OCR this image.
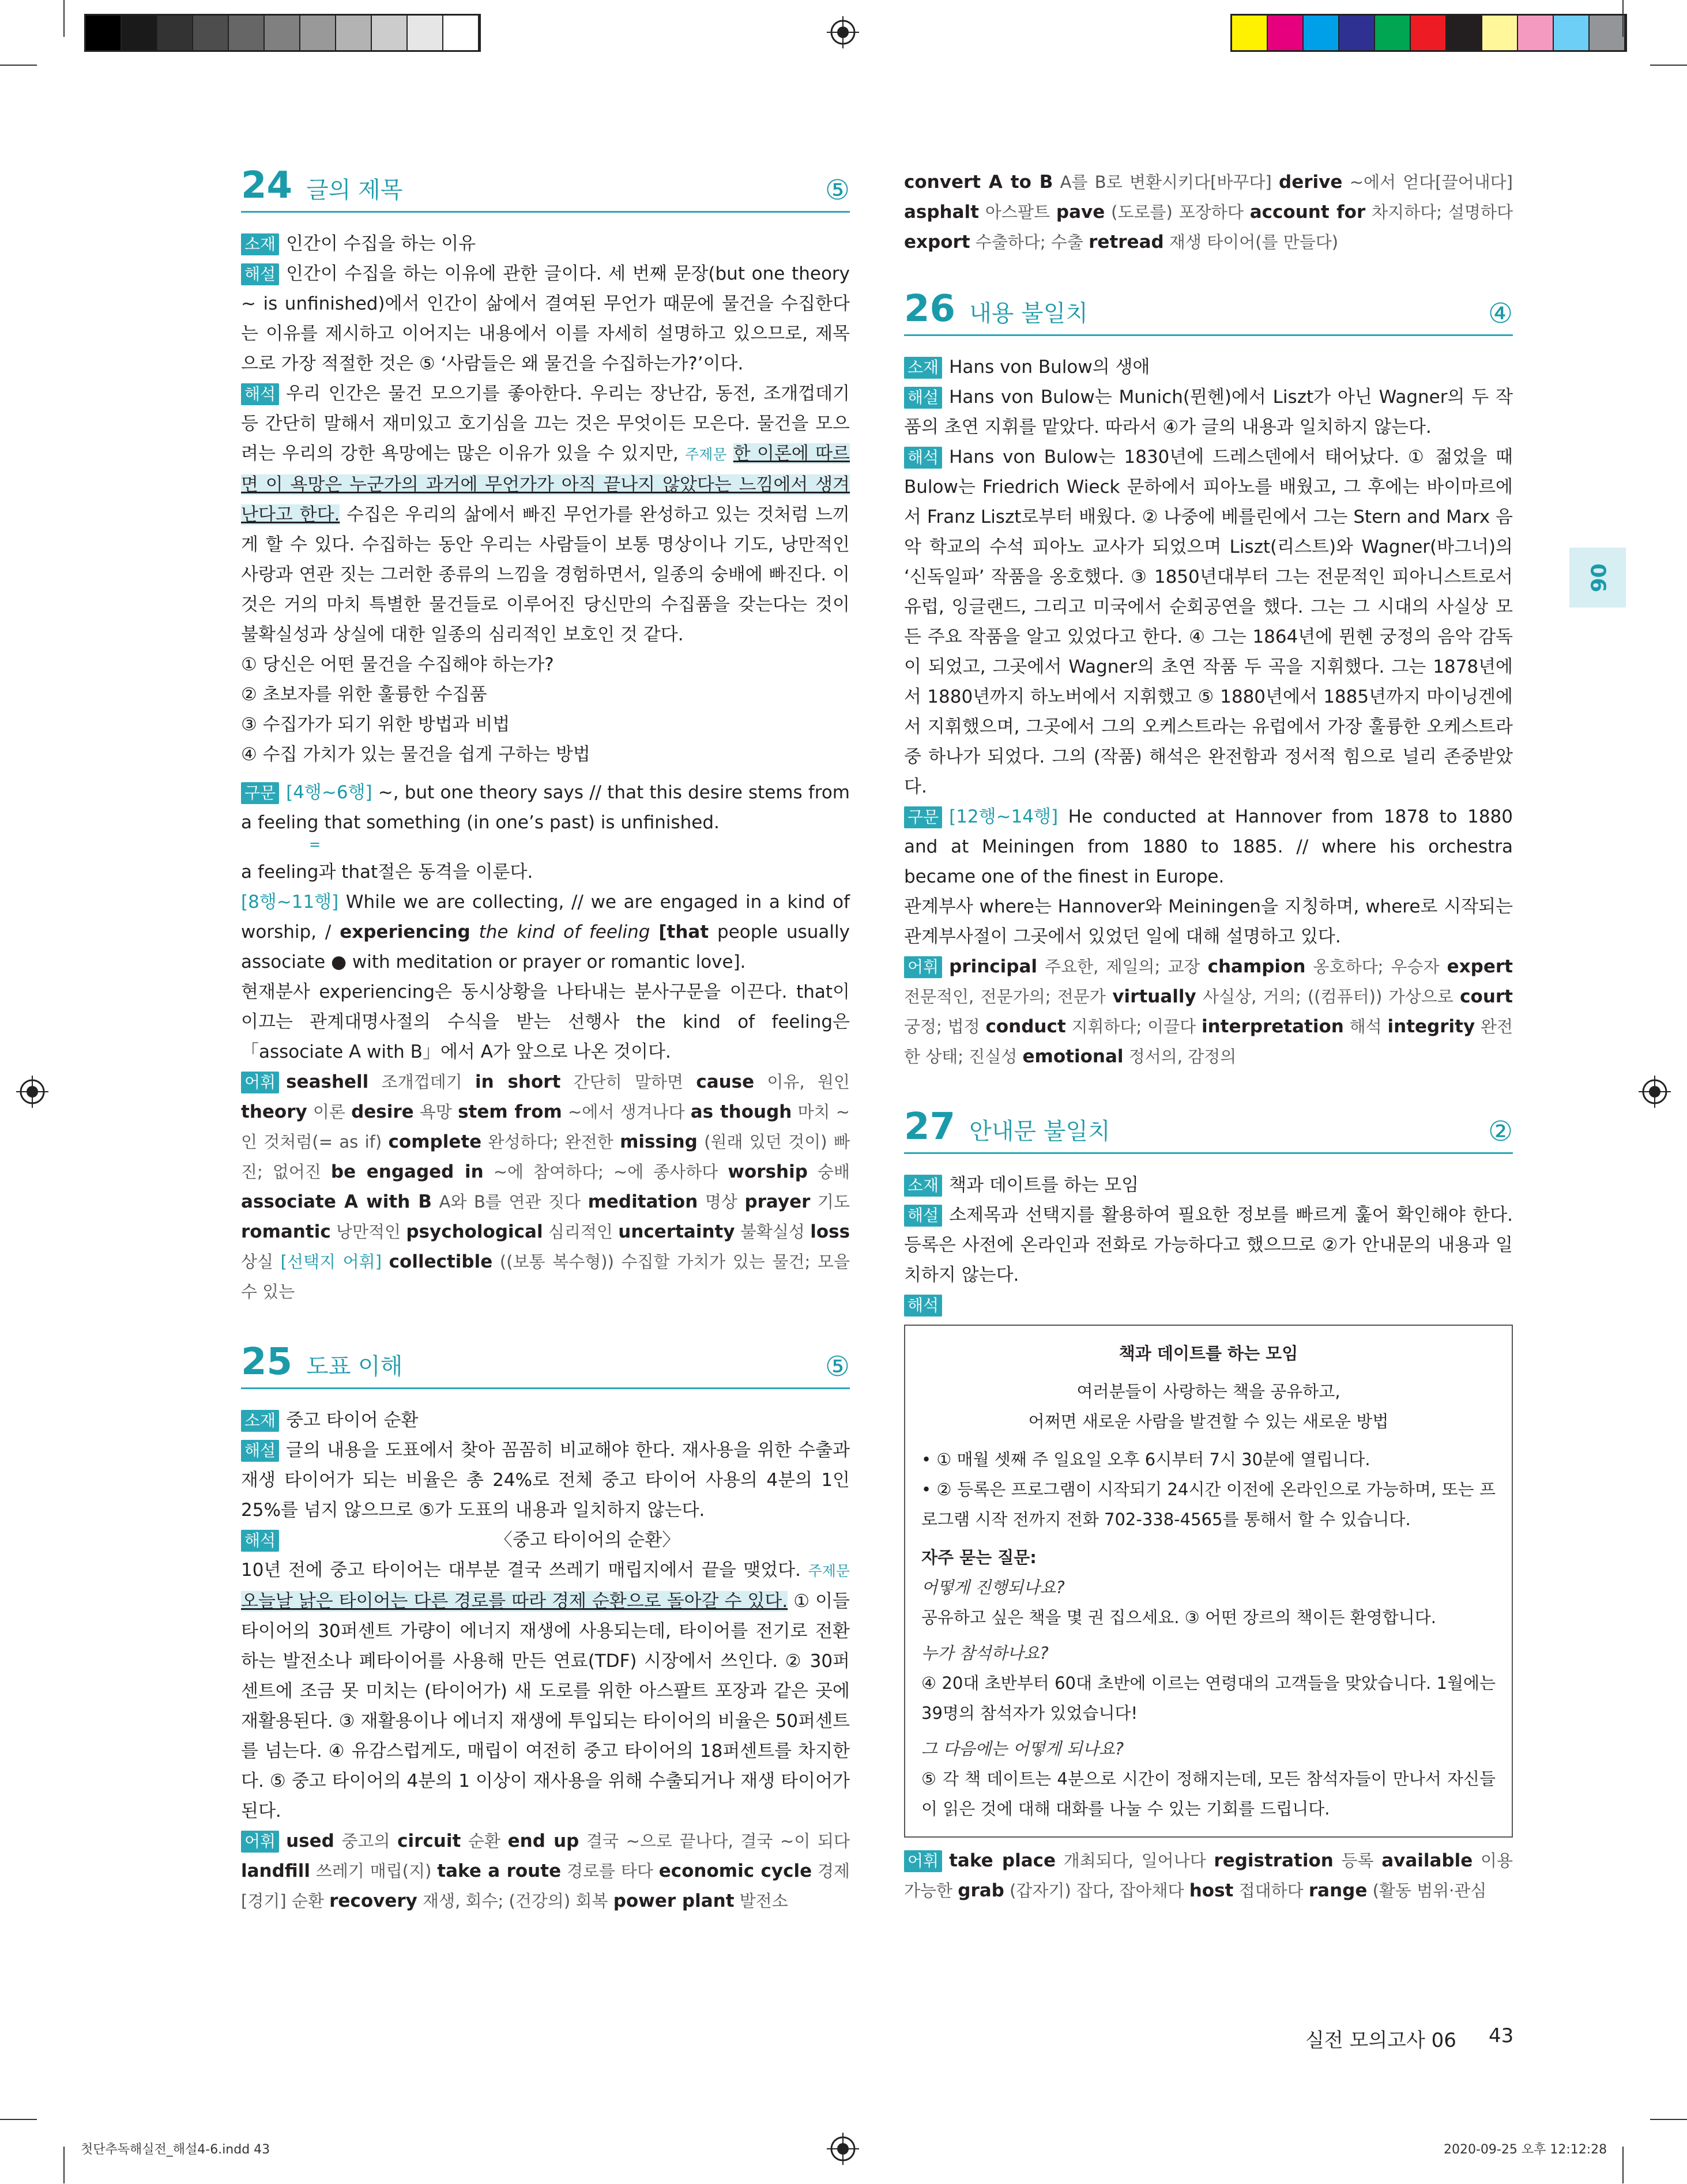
06
24 글의 제목	⑤

소재 인간이 수집을 하는 이유

해설 인간이 수집을 하는 이유에 관한 글이다. 세 번째 문장(but one theory ~ is unfinished)에서 인간이 삶에서 결여된 무언가 때문에 물건을 수집한다는 이유를 제시하고 이어지는 내용에서 이를 자세히 설명하고 있으므로, 제목으로 가장 적절한 것은 ⑤ ‘사람들은 왜 물건을 수집하는가?’이다.

해석 우리 인간은 물건 모으기를 좋아한다. 우리는 장난감, 동전, 조개껍데기 등 간단히 말해서 재미있고 호기심을 끄는 것은 무엇이든 모은다. 물건을 모으려는 우리의 강한 욕망에는 많은 이유가 있을 수 있지만, 주제문 한 이론에 따르면 이 욕망은 누군가의 과거에 무언가가 아직 끝나지 않았다는 느낌에서 생겨난다고 한다. 수집은 우리의 삶에서 빠진 무언가를 완성하고 있는 것처럼 느끼게 할 수 있다. 수집하는 동안 우리는 사람들이 보통 명상이나 기도, 낭만적인 사랑과 연관 짓는 그러한 종류의 느낌을 경험하면서, 일종의 숭배에 빠진다. 이것은 거의 마치 특별한 물건들로 이루어진 당신만의 수집품을 갖는다는 것이 불확실성과 상실에 대한 일종의 심리적인 보호인 것 같다.

① 당신은 어떤 물건을 수집해야 하는가?

② 초보자를 위한 훌륭한 수집품

③ 수집가가 되기 위한 방법과 비법

④ 수집 가치가 있는 물건을 쉽게 구하는 방법

구문 [4행~6행] ~, but one theory says // that this desire stems from a feeling that something (in one’s past) is unfinished.

=

a feeling과 that절은 동격을 이룬다.

[8행~11행] While we are collecting, // we are engaged in a kind of worship, / experiencing the kind of feeling [that people usually associate ● with meditation or prayer or romantic love].

현재분사 experiencing은 동시상황을 나타내는 분사구문을 이끈다. that이 이끄는 관계대명사절의 수식을 받는 선행사 the kind of feeling은「associate A with B」에서 A가 앞으로 나온 것이다.

어휘 seashell 조개껍데기 in short 간단히 말하면 cause 이유, 원인 theory 이론 desire 욕망 stem from ~에서 생겨나다 as though 마치 ~인 것처럼(= as if) complete 완성하다; 완전한 missing (원래 있던 것이) 빠진; 없어진 be engaged in ~에 참여하다; ~에 종사하다 worship 숭배 associate A with B A와 B를 연관 짓다 meditation 명상 prayer 기도 romantic 낭만적인 psychological 심리적인 uncertainty 불확실성 loss 상실 [선택지 어휘] collectible ((보통 복수형)) 수집할 가치가 있는 물건; 모을 수 있는

25 도표 이해	⑤

소재 중고 타이어 순환

해설 글의 내용을 도표에서 찾아 꼼꼼히 비교해야 한다. 재사용을 위한 수출과 재생 타이어가 되는 비율은 총 24%로 전체 중고 타이어 사용의 4분의 1인 25%를 넘지 않으므로 ⑤가 도표의 내용과 일치하지 않는다.

해석	〈중고 타이어의 순환〉

10년 전에 중고 타이어는 대부분 결국 쓰레기 매립지에서 끝을 맺었다. 주제문 오늘날 낡은 타이어는 다른 경로를 따라 경제 순환으로 돌아갈 수 있다. ① 이들 타이어의 30퍼센트 가량이 에너지 재생에 사용되는데, 타이어를 전기로 전환하는 발전소나 폐타이어를 사용해 만든 연료(TDF) 시장에서 쓰인다. ② 30퍼센트에 조금 못 미치는 (타이어가) 새 도로를 위한 아스팔트 포장과 같은 곳에 재활용된다. ③ 재활용이나 에너지 재생에 투입되는 타이어의 비율은 50퍼센트를 넘는다. ④ 유감스럽게도, 매립이 여전히 중고 타이어의 18퍼센트를 차지한다. ⑤ 중고 타이어의 4분의 1 이상이 재사용을 위해 수출되거나 재생 타이어가 된다.

어휘 used 중고의 circuit 순환 end up 결국 ~으로 끝나다, 결국 ~이 되다 landfill 쓰레기 매립(지) take a route 경로를 타다 economic cycle 경제[경기] 순환 recovery 재생, 회수; (건강의) 회복 power plant 발전소

convert A to B A를 B로 변환시키다[바꾸다] derive ~에서 얻다[끌어내다] asphalt 아스팔트 pave (도로를) 포장하다 account for 차지하다; 설명하다 export 수출하다; 수출 retread 재생 타이어(를 만들다)

26 내용 불일치	④

소재 Hans von Bulow의 생애

해설 Hans von Bulow는 Munich(뮌헨)에서 Liszt가 아닌 Wagner의 두 작품의 초연 지휘를 맡았다. 따라서 ④가 글의 내용과 일치하지 않는다.

해석 Hans von Bulow는 1830년에 드레스덴에서 태어났다. ① 젊었을 때 Bulow는 Friedrich Wieck 문하에서 피아노를 배웠고, 그 후에는 바이마르에서 Franz Liszt로부터 배웠다. ② 나중에 베를린에서 그는 Stern and Marx 음악 학교의 수석 피아노 교사가 되었으며 Liszt(리스트)와 Wagner(바그너)의 ‘신독일파’ 작품을 옹호했다. ③ 1850년대부터 그는 전문적인 피아니스트로서 유럽, 잉글랜드, 그리고 미국에서 순회공연을 했다. 그는 그 시대의 사실상 모든 주요 작품을 알고 있었다고 한다. ④ 그는 1864년에 뮌헨 궁정의 음악 감독이 되었고, 그곳에서 Wagner의 초연 작품 두 곡을 지휘했다. 그는 1878년에서 1880년까지 하노버에서 지휘했고 ⑤ 1880년에서 1885년까지 마이닝겐에서 지휘했으며, 그곳에서 그의 오케스트라는 유럽에서 가장 훌륭한 오케스트라 중 하나가 되었다. 그의 (작품) 해석은 완전함과 정서적 힘으로 널리 존중받았다.

구문 [12행~14행] He conducted at Hannover from 1878 to 1880 and at Meiningen from 1880 to 1885. // where his orchestra became one of the finest in Europe.

관계부사 where는 Hannover와 Meiningen을 지칭하며, where로 시작되는 관계부사절이 그곳에서 있었던 일에 대해 설명하고 있다.

어휘 principal 주요한, 제일의; 교장 champion 옹호하다; 우승자 expert 전문적인, 전문가의; 전문가 virtually 사실상, 거의; ((컴퓨터)) 가상으로 court 궁정; 법정 conduct 지휘하다; 이끌다 interpretation 해석 integrity 완전한 상태; 진실성 emotional 정서의, 감정의

27 안내문 불일치	②

소재 책과 데이트를 하는 모임

해설 소제목과 선택지를 활용하여 필요한 정보를 빠르게 훑어 확인해야 한다. 등록은 사전에 온라인과 전화로 가능하다고 했으므로 ②가 안내문의 내용과 일치하지 않는다.

해석

책과 데이트를 하는 모임

여러분들이 사랑하는 책을 공유하고,

어쩌면 새로운 사람을 발견할 수 있는 새로운 방법

• ① 매월 셋째 주 일요일 오후 6시부터 7시 30분에 열립니다.

• ② 등록은 프로그램이 시작되기 24시간 이전에 온라인으로 가능하며, 또는 프로그램 시작 전까지 전화 702-338-4565를 통해서 할 수 있습니다.

자주 묻는 질문:

어떻게 진행되나요?

공유하고 싶은 책을 몇 권 집으세요. ③ 어떤 장르의 책이든 환영합니다.

누가 참석하나요?

④ 20대 초반부터 60대 초반에 이르는 연령대의 고객들을 맞았습니다. 1월에는 39명의 참석자가 있었습니다!

그 다음에는 어떻게 되나요?

⑤ 각 책 데이트는 4분으로 시간이 정해지는데, 모든 참석자들이 만나서 자신들이 읽은 것에 대해 대화를 나눌 수 있는 기회를 드립니다.

어휘 take place 개최되다, 일어나다 registration 등록 available 이용 가능한 grab (갑자기) 잡다, 잡아채다 host 접대하다 range (활동 범위·관심

실전 모의고사 06 43
첫단추독해실전_해설4-6.indd 43	2020-09-25 오후 12:12:28
